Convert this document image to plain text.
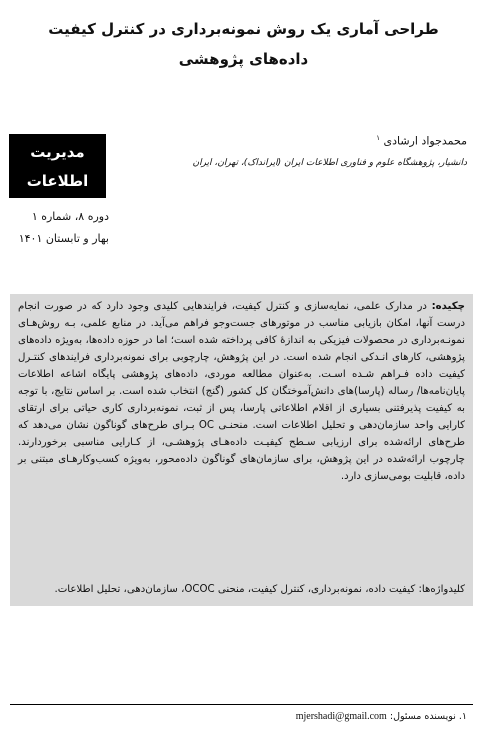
طراحی آماری یک روش نمونه‌برداری در کنترل کیفیت داده‌های پژوهشی
مدیریت
اطلاعات
دوره ۸، شماره ۱
بهار و تابستان ۱۴۰۱
محمدجواد ارشادی $^۱$
دانشیار، پژوهشگاه علوم و فناوری اطلاعات ایران (ایرانداک)، تهران، ایران
چکیده: در مدارک علمی، نمایه‌سازی و کنترل کیفیت، فرایندهایی کلیدی وجود دارد که در صورت انجام درست آنها، امکان بازیابی مناسب در موتورهای جست‌وجو فراهم می‌آید. در منابع علمی، بـه روش‌هـای نمونـه‌برداری در محصولات فیزیکی به اندازهٔ کافی پرداخته شده است؛ اما در حوزه داده‌ها، به‌ویژه داده‌های پژوهشی، کارهای انـدکی انجام شده است. در این پژوهش، چارچوبی برای نمونه‌برداری فرایندهای کنتـرل کیفیت داده فـراهم شـده اسـت. به‌عنوان مطالعه موردی، داده‌های پژوهشی پایگاه اشاعه اطلاعات پایان‌نامه‌ها/ رساله (پارسا)های دانش‌آموختگان کل کشور (گنج) انتخاب شده است. بر اساس نتایج، با توجه به کیفیت پذیرفتنی بسیاری از اقلام اطلاعاتی پارسا، پس از ثبت، نمونه‌برداری کاری حیاتی برای ارتقای کارایی واحد سازمان‌دهی و تحلیل اطلاعات است. منحنـی OC بـرای طرح‌های گوناگون نشان می‌دهد که طرح‌های ارائه‌شده برای ارزیابی سـطح کیفیـت داده‌هـای پژوهشـی، از کـارایی مناسبی برخوردارند. چارچوب ارائه‌شده در این پژوهش، برای سازمان‌های گوناگون داده‌محور، به‌ویژه کسب‌وکارهـای مبتنی بر داده، قابلیت بومی‌سازی دارد.
کلیدواژه‌ها: کیفیت داده، نمونه‌برداری، کنترل کیفیت، منحنی OCOC، سازمان‌دهی، تحلیل اطلاعات.
۱. نویسنده مسئول: mjershadi@gmail.com
